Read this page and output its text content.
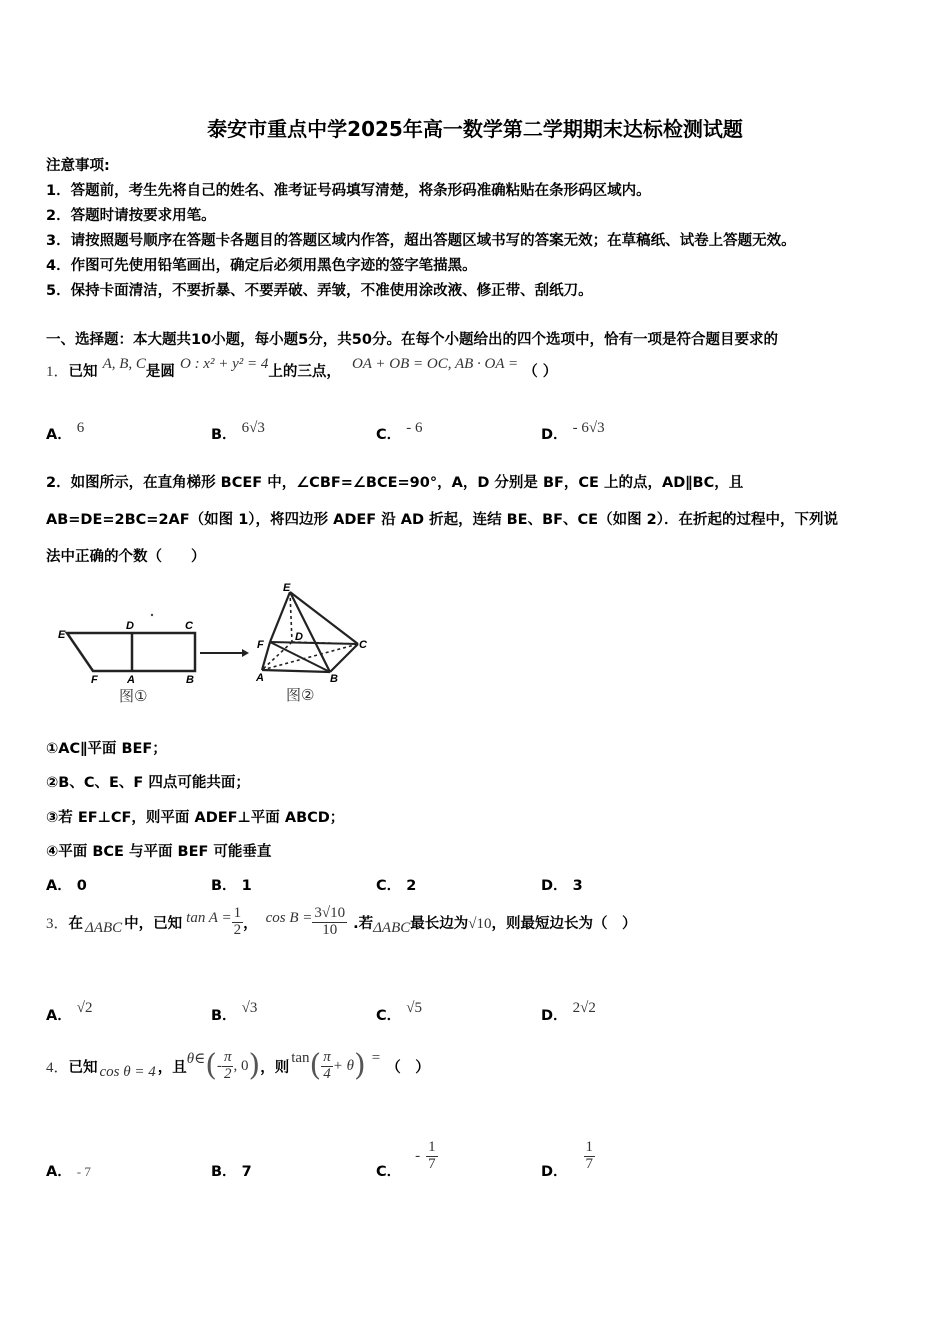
泰安市重点中学2025年高一数学第二学期期末达标检测试题
注意事项:
1．答题前，考生先将自己的姓名、准考证号码填写清楚，将条形码准确粘贴在条形码区域内。
2．答题时请按要求用笔。
3．请按照题号顺序在答题卡各题目的答题区域内作答，超出答题区域书写的答案无效；在草稿纸、试卷上答题无效。
4．作图可先使用铅笔画出，确定后必须用黑色字迹的签字笔描黑。
5．保持卡面清洁，不要折暴、不要弄破、弄皱，不准使用涂改液、修正带、刮纸刀。
一、选择题：本大题共10小题，每小题5分，共50分。在每个小题给出的四个选项中，恰有一项是符合题目要求的
1．已知 A, B, C是圆 O : x² + y² = 4上的三点， OA + OB = OC, AB · OA = （ ）
A． 6	B． 6√3	C． - 6	D． - 6√3
2．如图所示，在直角梯形 BCEF 中，∠CBF=∠BCE=90°，A，D 分别是 BF，CE 上的点，AD∥BC，且
AB=DE=2BC=2AF（如图 1），将四边形 ADEF 沿 AD 折起，连结 BE、BF、CE（如图 2）．在折起的过程中，下列说
法中正确的个数（　　）
E
D	C
F	A	B
图①
E
D
C
F
A	B
图②
①AC∥平面 BEF；
②B、C、E、F 四点可能共面；
③若 EF⊥CF，则平面 ADEF⊥平面 ABCD；
④平面 BCE 与平面 BEF 可能垂直
A． 0	B． 1	C． 2	D． 3
3． 在 ΔABC 中，已知 $\tan A = \frac{1}{2}$ ， $\cos B = \frac{3√10}{10}$ .若 ΔABC 最长边为 √10 ，则最短边长为（　）
A． √2	B． √3	C． √5	D． 2√2
4． 已知 cos θ = 4 ，且
θ∈ ( - $\frac{\pi}{2}$ , 0 ) ，则
tan ( $\frac{\pi}{4} + \theta$ ) =
（　）
A． - 7	B． 7	C．
- $\frac{1}{7}$	D． $\frac{1}{7}$
